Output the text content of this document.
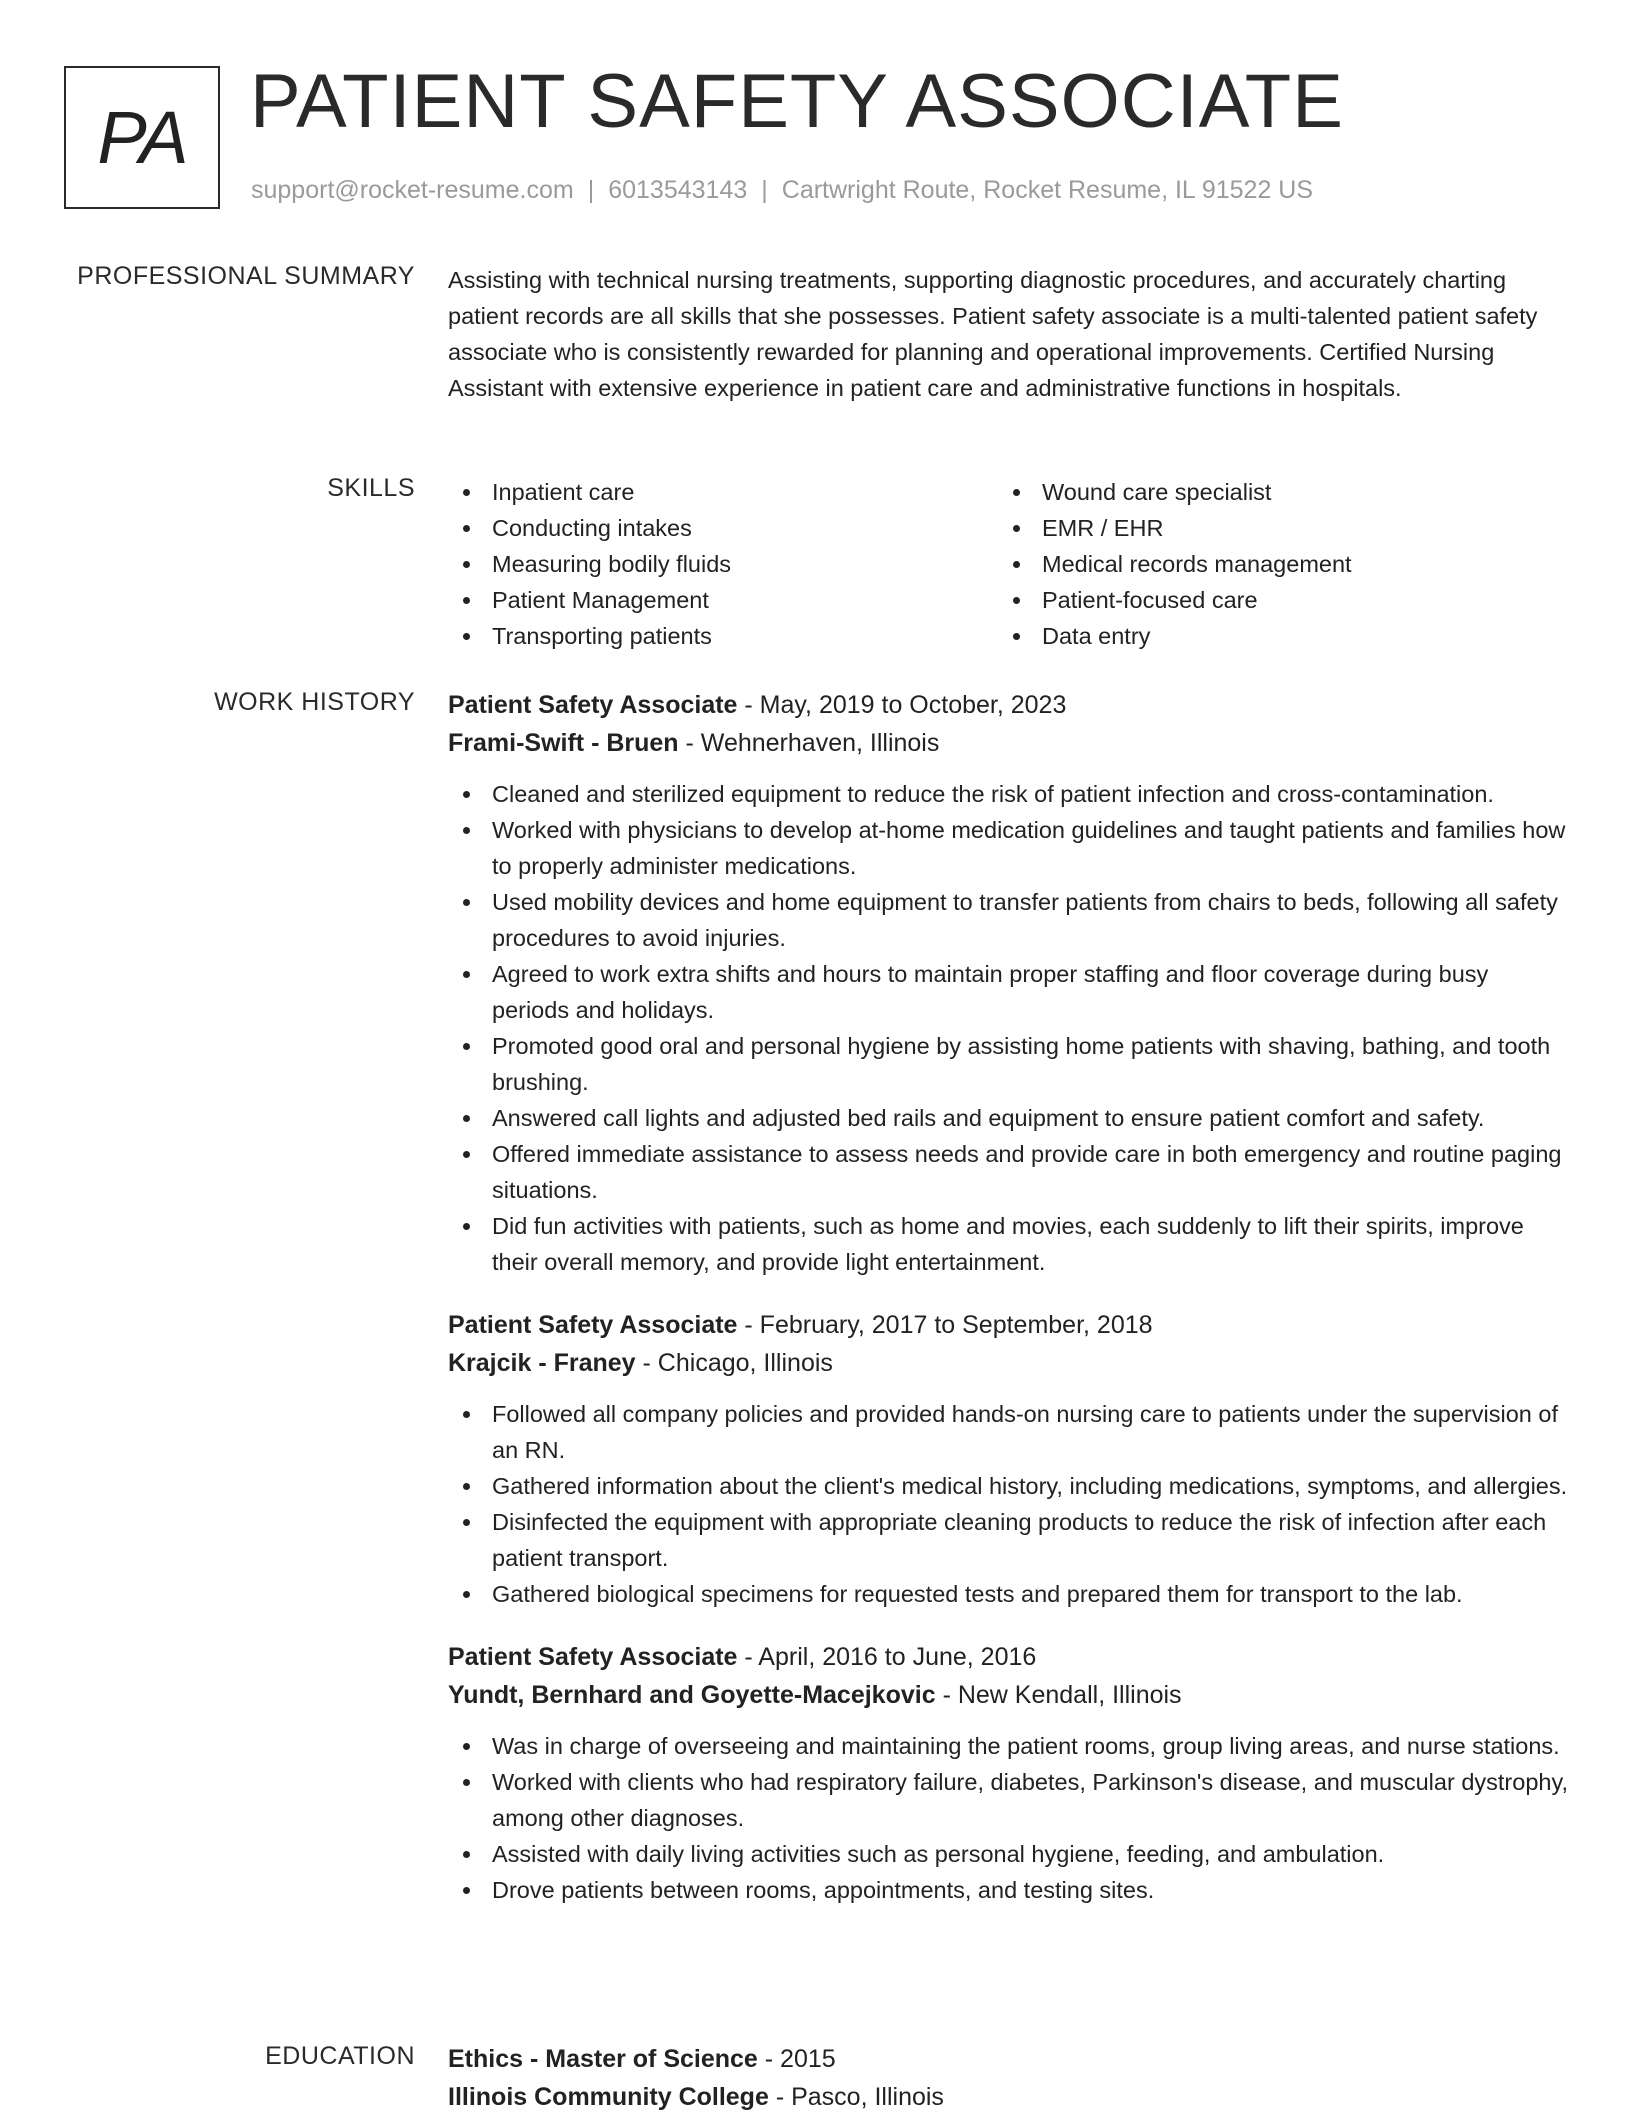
PA PATIENT SAFETY ASSOCIATE
support@rocket-resume.com | 6013543143 | Cartwright Route, Rocket Resume, IL 91522 US
PROFESSIONAL SUMMARY Assisting with technical nursing treatments, supporting diagnostic procedures, and accurately charting patient records are all skills that she possesses. Patient safety associate is a multi-talented patient safety associate who is consistently rewarded for planning and operational improvements. Certified Nursing Assistant with extensive experience in patient care and administrative functions in hospitals.
SKILLS	Inpatient care
Conducting intakes
Measuring bodily fluids
Patient Management
Transporting patients
Wound care specialist
EMR / EHR
Medical records management
Patient-focused care
Data entry
WORK HISTORY Patient Safety Associate - May, 2019 to October, 2023
Frami-Swift - Bruen - Wehnerhaven, Illinois
Cleaned and sterilized equipment to reduce the risk of patient infection and cross-contamination.
Worked with physicians to develop at-home medication guidelines and taught patients and families how to properly administer medications.
Used mobility devices and home equipment to transfer patients from chairs to beds, following all safety procedures to avoid injuries.
Agreed to work extra shifts and hours to maintain proper staffing and floor coverage during busy periods and holidays.
Promoted good oral and personal hygiene by assisting home patients with shaving, bathing, and tooth brushing.
Answered call lights and adjusted bed rails and equipment to ensure patient comfort and safety.
Offered immediate assistance to assess needs and provide care in both emergency and routine paging situations.
Did fun activities with patients, such as home and movies, each suddenly to lift their spirits, improve their overall memory, and provide light entertainment.
Patient Safety Associate - February, 2017 to September, 2018
Krajcik - Franey - Chicago, Illinois
Followed all company policies and provided hands-on nursing care to patients under the supervision of an RN.
Gathered information about the client's medical history, including medications, symptoms, and allergies.
Disinfected the equipment with appropriate cleaning products to reduce the risk of infection after each patient transport.
Gathered biological specimens for requested tests and prepared them for transport to the lab.
Patient Safety Associate - April, 2016 to June, 2016
Yundt, Bernhard and Goyette-Macejkovic - New Kendall, Illinois
Was in charge of overseeing and maintaining the patient rooms, group living areas, and nurse stations.
Worked with clients who had respiratory failure, diabetes, Parkinson's disease, and muscular dystrophy, among other diagnoses.
Assisted with daily living activities such as personal hygiene, feeding, and ambulation.
Drove patients between rooms, appointments, and testing sites.
EDUCATION Ethics - Master of Science - 2015
Illinois Community College - Pasco, Illinois
